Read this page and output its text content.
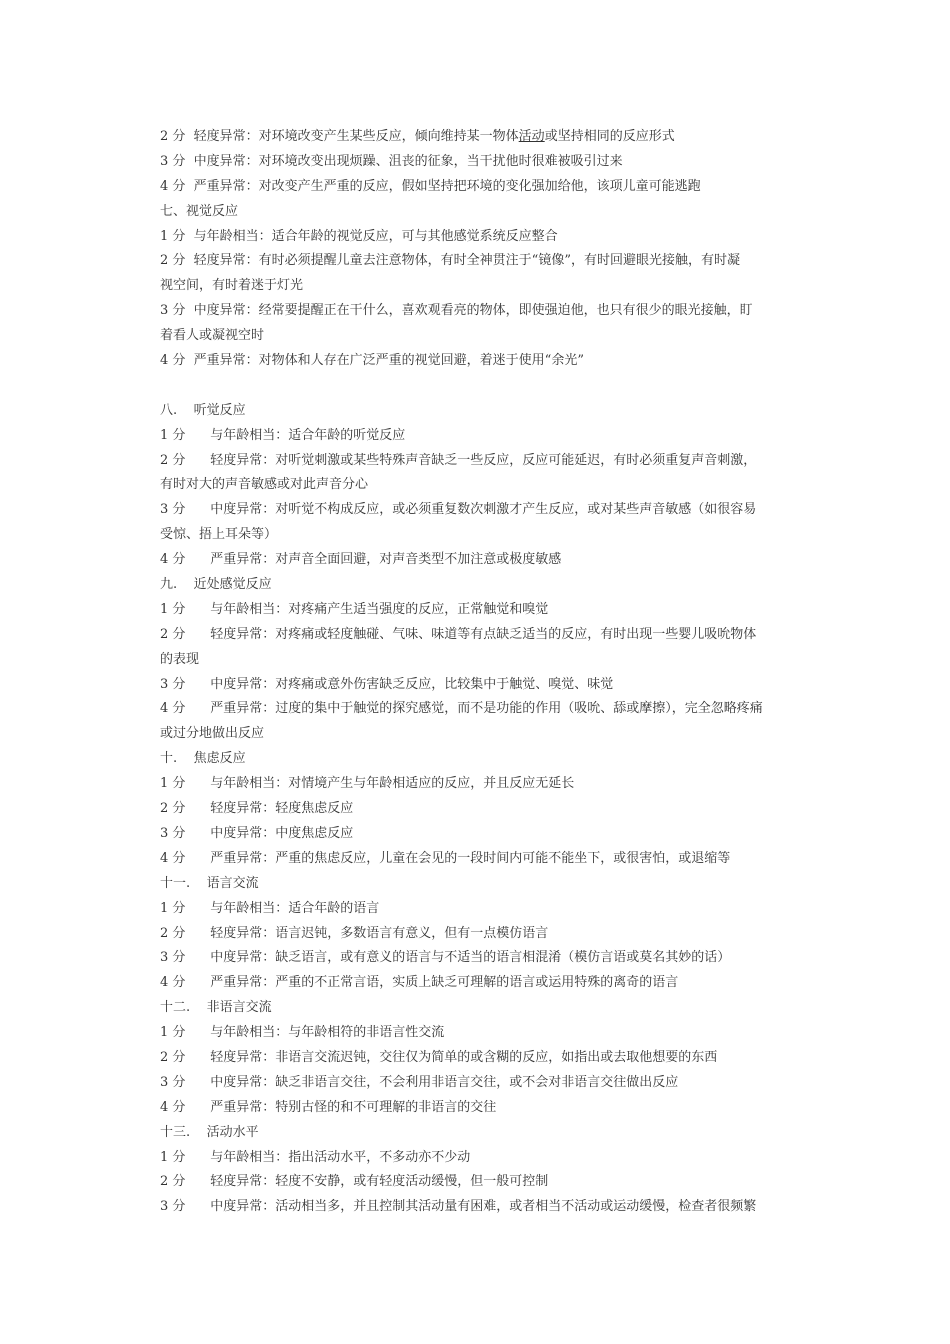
2 分  轻度异常：对环境改变产生某些反应，倾向维持某一物体活动或坚持相同的反应形式
3 分  中度异常：对环境改变出现烦躁、沮丧的征象，当干扰他时很难被吸引过来
4 分  严重异常：对改变产生严重的反应，假如坚持把环境的变化强加给他，该项儿童可能逃跑
七、视觉反应
1 分  与年龄相当：适合年龄的视觉反应，可与其他感觉系统反应整合
2 分  轻度异常：有时必须提醒儿童去注意物体，有时全神贯注于“镜像”，有时回避眼光接触，有时凝
视空间，有时着迷于灯光
3 分  中度异常：经常要提醒正在干什么，喜欢观看亮的物体，即使强迫他，也只有很少的眼光接触，盯
着看人或凝视空时
4 分  严重异常：对物体和人存在广泛严重的视觉回避，着迷于使用“余光”
八.    听觉反应
1 分      与年龄相当：适合年龄的听觉反应
2 分      轻度异常：对听觉刺激或某些特殊声音缺乏一些反应，反应可能延迟，有时必须重复声音刺激，
有时对大的声音敏感或对此声音分心
3 分      中度异常：对听觉不构成反应，或必须重复数次刺激才产生反应，或对某些声音敏感（如很容易
受惊、捂上耳朵等）
4 分      严重异常：对声音全面回避，对声音类型不加注意或极度敏感
九.    近处感觉反应
1 分      与年龄相当：对疼痛产生适当强度的反应，正常触觉和嗅觉
2 分      轻度异常：对疼痛或轻度触碰、气味、味道等有点缺乏适当的反应，有时出现一些婴儿吸吮物体
的表现
3 分      中度异常：对疼痛或意外伤害缺乏反应，比较集中于触觉、嗅觉、味觉
4 分      严重异常：过度的集中于触觉的探究感觉，而不是功能的作用（吸吮、舔或摩擦），完全忽略疼痛
或过分地做出反应
十.    焦虑反应
1 分      与年龄相当：对情境产生与年龄相适应的反应，并且反应无延长
2 分      轻度异常：轻度焦虑反应
3 分      中度异常：中度焦虑反应
4 分      严重异常：严重的焦虑反应，儿童在会见的一段时间内可能不能坐下，或很害怕，或退缩等
十一.    语言交流
1 分      与年龄相当：适合年龄的语言
2 分      轻度异常：语言迟钝，多数语言有意义，但有一点模仿语言
3 分      中度异常：缺乏语言，或有意义的语言与不适当的语言相混淆（模仿言语或莫名其妙的话）
4 分      严重异常：严重的不正常言语，实质上缺乏可理解的语言或运用特殊的离奇的语言
十二.    非语言交流
1 分      与年龄相当：与年龄相符的非语言性交流
2 分      轻度异常：非语言交流迟钝，交往仅为简单的或含糊的反应，如指出或去取他想要的东西
3 分      中度异常：缺乏非语言交往，不会利用非语言交往，或不会对非语言交往做出反应
4 分      严重异常：特别古怪的和不可理解的非语言的交往
十三.    活动水平
1 分      与年龄相当：指出活动水平，不多动亦不少动
2 分      轻度异常：轻度不安静，或有轻度活动缓慢，但一般可控制
3 分      中度异常：活动相当多，并且控制其活动量有困难，或者相当不活动或运动缓慢，检查者很频繁
